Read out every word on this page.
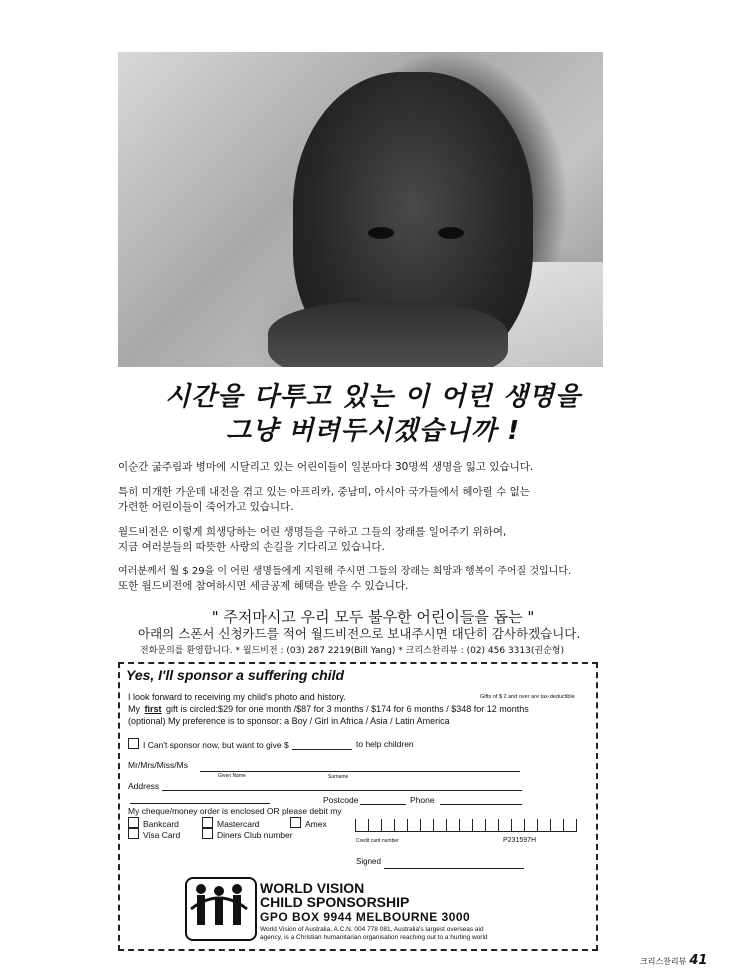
시간을 다투고 있는 이 어린 생명을
그냥 버려두시겠습니까 !
이순간 굶주림과 병마에 시달리고 있는 어린이들이 일분마다 30명씩 생명을 잃고 있습니다.
특히 미개한 가운데 내전을 겪고 있는 아프리카, 중남미, 아시아 국가들에서 헤아릴 수 없는
가련한 어린이들이 죽어가고 있습니다.
월드비전은 이렇게 희생당하는 어린 생명들을 구하고 그들의 장래를 일어주기 위하여,
지금 여러분들의 따뜻한 사랑의 손길을 기다리고 있습니다.
여러분께서 월 $ 29을 이 어린 생명들에게 지원해 주시면 그들의 장래는 희망과 행복이 주어질 것입니다.
또한 월드비전에 참여하시면 세금공제 혜택을 받을 수 있습니다.
" 주저마시고 우리 모두 불우한 어린이들을 돕는 "
아래의 스폰서 신청카드를 적어 월드비전으로 보내주시면 대단히 감사하겠습니다.
전화문의를 환영합니다. * 월드비전 : (03) 287 2219(Bill Yang) * 크리스찬리뷰 : (02) 456 3313(권순형)
Yes, I'll sponsor a suffering child
I look forward to receiving my child's photo and history.	Gifts of $ 2 and over are tax-deductible
My first gift is circled:$29 for one month /$87 for 3 months / $174 for 6 months / $348 for 12 months
(optional) My preference is to sponsor: a Boy / Girl in Africa / Asia / Latin America
I Can't sponsor now, but want to give $	to help children
Mr/Mrs/Miss/Ms
Given Name	Surname
Address
Postcode	Phone
My cheque/money order is enclosed OR please debit my
Bankcard	Mastercard	Amex
Visa Card	Diners Club number
Credit card number	P231597H
Signed
WORLD VISION
CHILD SPONSORSHIP
GPO BOX 9944 MELBOURNE 3000
World Vision of Australia, A.C.N. 004 778 081, Australia's largest overseas aid
agency, is a Christian humanitarian organisation reaching out to a hurting world
크리스찬리뷰 41
